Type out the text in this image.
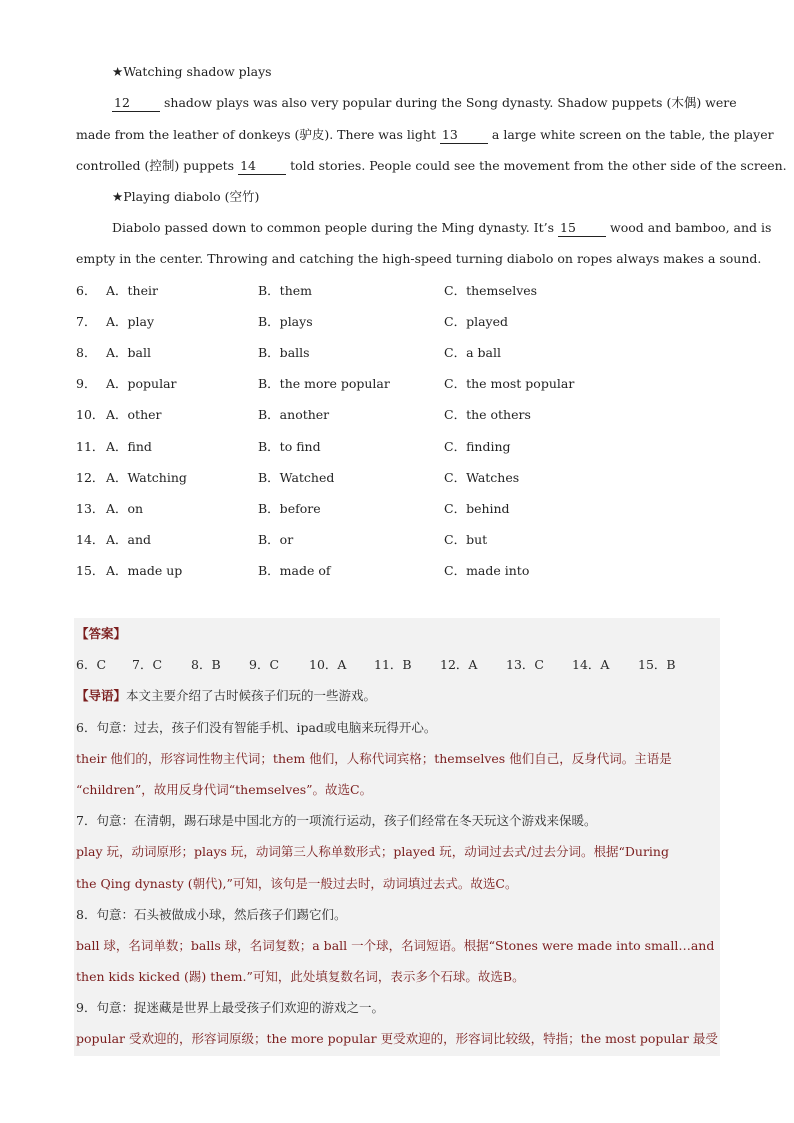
★Watching shadow plays
12	shadow plays was also very popular during the Song dynasty. Shadow puppets (木偶) were
made from the leather of donkeys (驴皮). There was light 13	a large white screen on the table, the player
controlled (控制) puppets 14	told stories. People could see the movement from the other side of the screen.
★Playing diabolo (空竹)
Diabolo passed down to common people during the Ming dynasty. It’s 15	wood and bamboo, and is
empty in the center. Throwing and catching the high-speed turning diabolo on ropes always makes a sound.
6． A．their	B．them	C．themselves
7． A．play	B．plays	C．played
8． A．ball	B．balls	C．a ball
9． A．popular	B．the more popular	C．the most popular
10． A．other	B．another	C．the others
11． A．find	B．to find	C．finding
12． A．Watching	B．Watched	C．Watches
13． A．on	B．before	C．behind
14． A．and	B．or	C．but
15． A．made up	B．made of	C．made into
【答案】
6．C 7．C 8．B 9．C 10．A 11．B 12．A 13．C 14．A 15．B
【导语】本文主要介绍了古时候孩子们玩的一些游戏。
6．句意：过去，孩子们没有智能手机、ipad或电脑来玩得开心。
their 他们的，形容词性物主代词；them 他们，人称代词宾格；themselves 他们自己，反身代词。主语是
“children”，故用反身代词“themselves”。故选C。
7．句意：在清朝，踢石球是中国北方的一项流行运动，孩子们经常在冬天玩这个游戏来保暖。
play 玩，动词原形；plays 玩，动词第三人称单数形式；played 玩，动词过去式/过去分词。根据“During
the Qing dynasty (朝代),”可知，该句是一般过去时，动词填过去式。故选C。
8．句意：石头被做成小球，然后孩子们踢它们。
ball 球，名词单数；balls 球，名词复数；a ball 一个球，名词短语。根据“Stones were made into small…and
then kids kicked (踢) them.”可知，此处填复数名词，表示多个石球。故选B。
9．句意：捉迷藏是世界上最受孩子们欢迎的游戏之一。
popular 受欢迎的，形容词原级；the more popular 更受欢迎的，形容词比较级，特指；the most popular 最受
